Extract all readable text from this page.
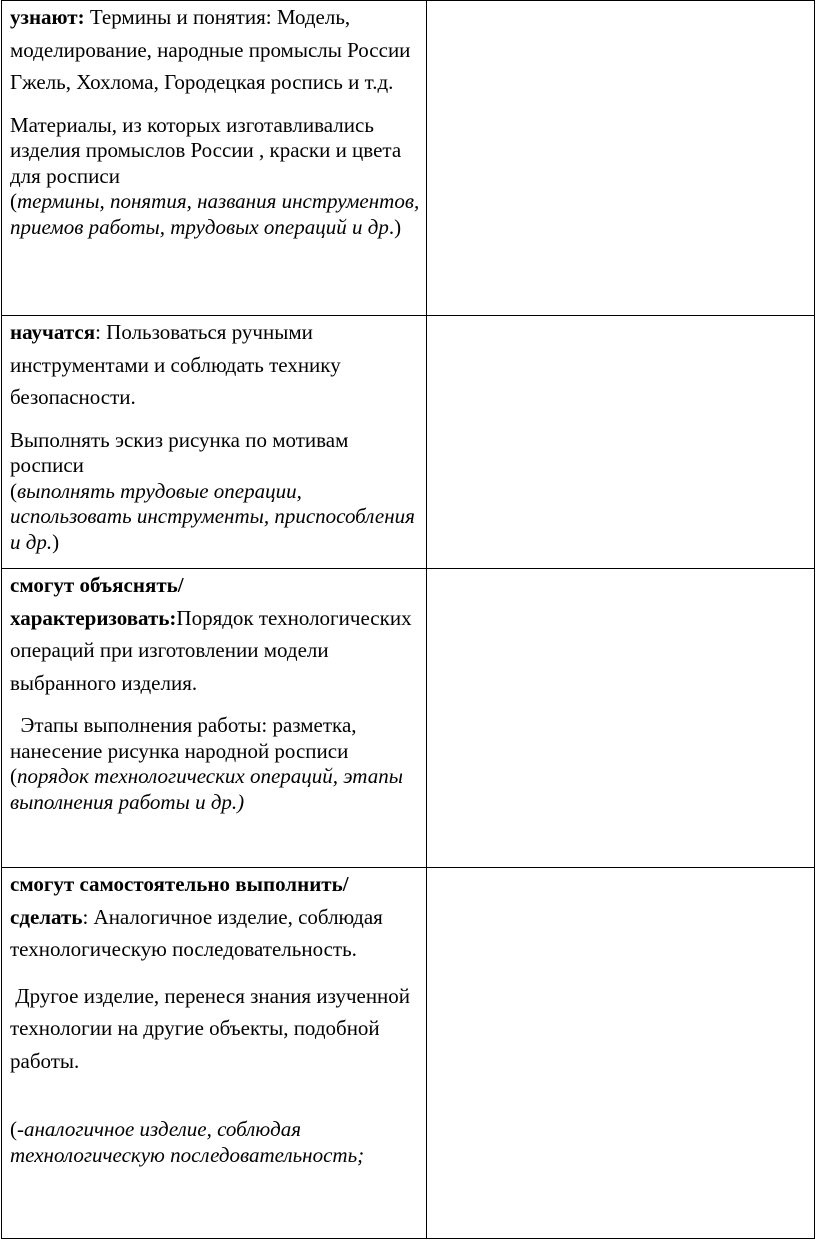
узнают: Термины и понятия: Модель, моделирование, народные промыслы России Гжель, Хохлома, Городецкая роспись и т.д.

Материалы, из которых изготавливались изделия промыслов России , краски и цвета для росписи
(термины, понятия, названия инструментов, приемов работы, трудовых операций и др.)	

научатся: Пользоваться ручными инструментами и соблюдать технику безопасности.

Выполнять эскиз рисунка по мотивам росписи
(выполнять трудовые операции, использовать инструменты, приспособления и др.)	

смогут объяснять/характеризовать:Порядок технологических операций при изготовлении модели выбранного изделия.

Этапы выполнения работы: разметка, нанесение рисунка народной росписи
(порядок технологических операций, этапы выполнения работы и др.)	

смогут самостоятельно выполнить/сделать: Аналогичное изделие, соблюдая технологическую последовательность.

Другое изделие, перенеся знания изученной технологии на другие объекты, подобной работы.

(-аналогичное изделие, соблюдая технологическую последовательность;	
